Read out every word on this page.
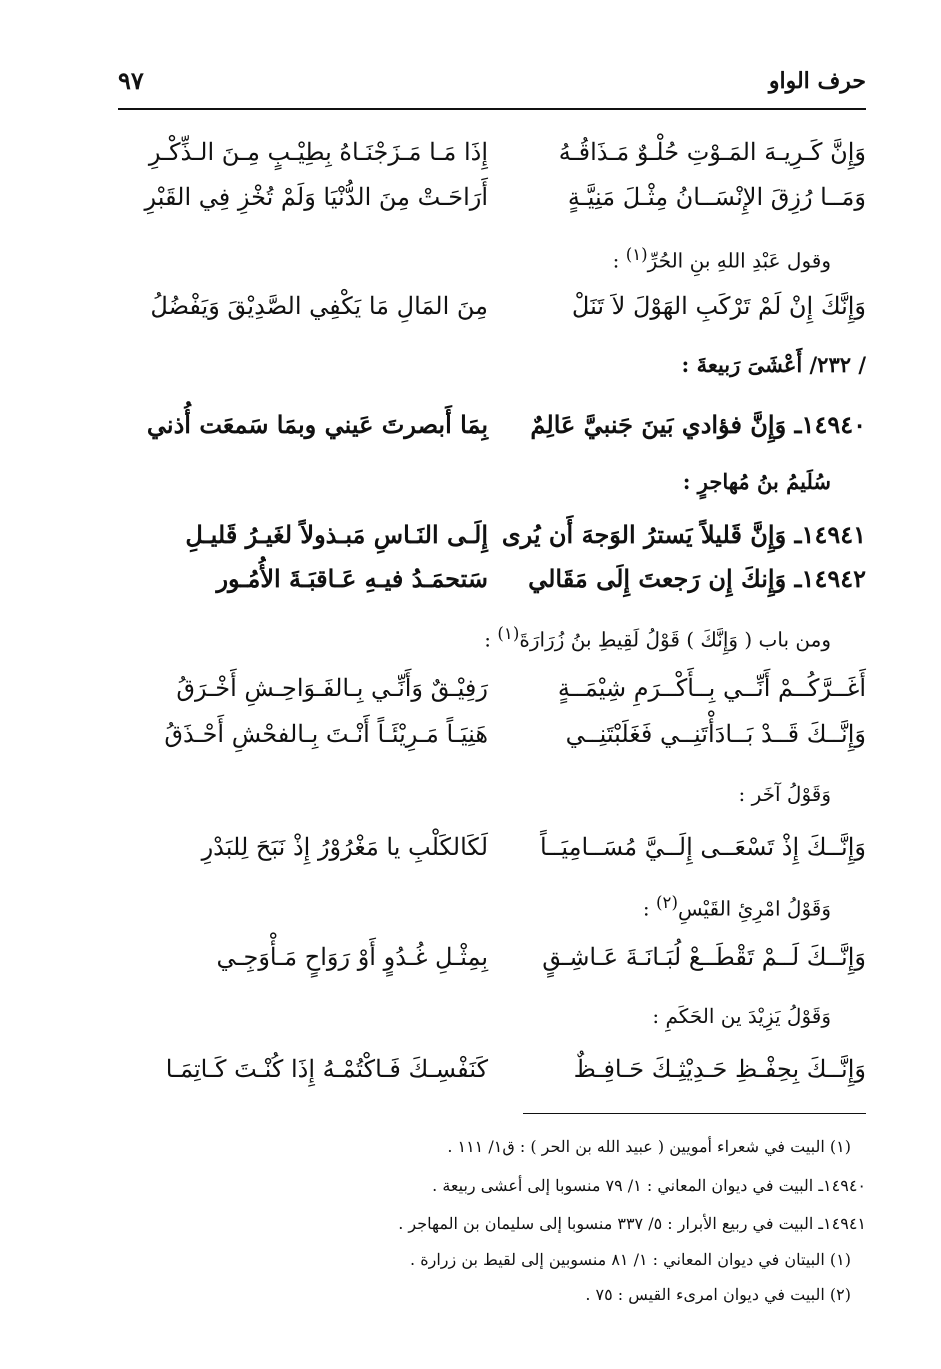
حرف الواو
٩٧
وَإِنَّ كَـرِيـهَ المَـوْتِ حُلْـوٌ مَـذَاقُـهُ
إِذَا مَـا مَـزَجْنَـاهُ بِطِيْـبٍ مِـنَ الـذِّكْـرِ
وَمَــا رُزِقَ الإِنْسَــانُ مِثْـلَ مَنِيَّـةٍ
أَرَاحَـتْ مِنَ الدُّنْيَا وَلَمْ تُخْزِ فِي القَبْرِ
وقول عَبْدِ اللهِ بنِ الحُرِّ$^{(١)}$ :
وَإِنَّكَ إِنْ لَمْ تَرْكَبِ الهَوْلَ لاَ تَنَلْ
مِنَ المَالِ مَا يَكْفِي الصَّدِيْقَ وَيَفْضُلُ
/ ٢٣٢/ أَعْشَىَ رَبيعةَ :
١٤٩٤٠ـ وَإِنَّ فؤادي بَينَ جَنبيَّ عَالِمٌ
بِمَا أَبصرتَ عَيني وبمَا سَمعَت أُذني
سُلَيمُ بنُ مُهاجرٍ :
١٤٩٤١ـ وَإِنَّ قَليلاً يَسترُ الوَجهَ أَن يُرى
إِلَـى النَـاسِ مَبـذولاً لغَيـرُ قَليـلِ
١٤٩٤٢ـ وَإِنكَ إِن رَجعتَ إِلَى مَقَالي
سَتحمَـدُ فيـهِ عَـاقبَـةَ الأُمُـور
ومن باب ( وَإِنَّكَ ) قَوْلُ لَقِيطِ بنُ زُرَارَةَ$^{(١)}$ :
أَغَــرَّكُــمْ أَنِّــي بِــأَكْــرَمِ شِيْمَــةٍ
رَفِيْـقٌ وَأَنِّـي بِـالفَـوَاحِـشِ أَخْـرَقُ
وَإِنَّــكَ قَــدْ بَــادَأْتَنِــي فَغَلَبْتَنِــي
هَنِيَـاً مَـرِيْئَـاً أَنْـتَ بِـالفحْشِ أَحْـذَقُ
وَقَوْلُ آخَر :
وَإِنَّــكَ إِذْ تَسْعَــى إِلَــيَّ مُسَــامِيَــاً
لَكَالكَلْبِ يا مَغْرُوْرُ إِذْ نَبَحَ لِلبَدْرِ
وَقَوْلُ امْرِئِ القَيْسِ$^{(٢)}$ :
وَإِنَّــكَ لَــمْ تَقْطَــعْ لُبَـانَـةَ عَـاشِـقٍ
بِمِثْـلِ غُـدُوٍ أَوْ رَوَاحٍ مَـأْوَجِـي
وَقَوْلُ يَزِيْدَ ين الحَكَمِ :
وَإِنَّــكَ بِحِفْـظِ حَـدِيْثِـكَ حَـافِـظٌ
كَنَفْسِـكَ فَـاكْتُمْـهُ إِذَا كُنْـتَ كَـاتِمَـا
(١) البيت في شعراء أمويين ( عبيد الله بن الحر ) : ق١/ ١١١ .
١٤٩٤٠ـ البيت في ديوان المعاني : ١/ ٧٩ منسوبا إلى أعشى ربيعة .
١٤٩٤١ـ البيت في ربيع الأبرار : ٥/ ٣٣٧ منسوبا إلى سليمان بن المهاجر .
(١) البيتان في ديوان المعاني : ١/ ٨١ منسوبين إلى لقيط بن زرارة .
(٢) البيت في ديوان امرىء القيس : ٧٥ .
